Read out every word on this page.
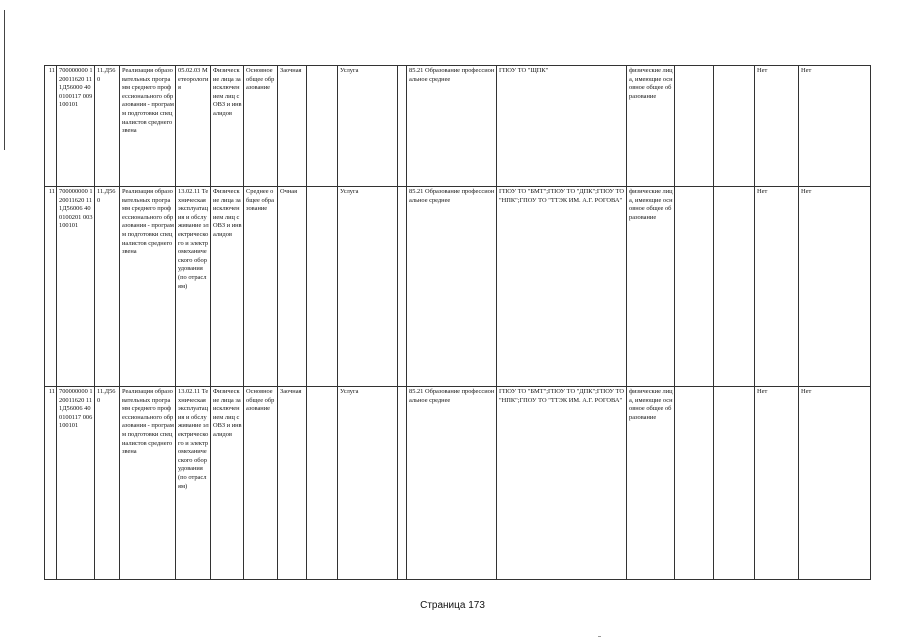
11	700000000 120011620 111Д56000 400100117 009100101	11.Д56 0	Реализация образовательных программ среднего профессионального образования - программ подготовки специалистов среднего звена	05.02.03 Метеорология	Физические лица за исключением лиц с ОВЗ и инвалидов	Основное общее образование	Заочная		Услуга		85.21 Образование профессиональное среднее	ГПОУ ТО "ЩПК"	физические лица, имеющие основное общее образование			Нет	Нет
11	700000000 120011620 111Д56006 400100201 003100101	11.Д56 0	Реализация образовательных программ среднего профессионального образования - программ подготовки специалистов среднего звена	13.02.11 Техническая эксплуатация и обслуживание электрического и электромеханического оборудования (по отраслям)	Физические лица за исключением лиц с ОВЗ и инвалидов	Среднее общее образование	Очная		Услуга		85.21 Образование профессиональное среднее	ГПОУ ТО "БМТ";ГПОУ ТО "ДПК";ГПОУ ТО "НПК";ГПОУ ТО "ТТЭК ИМ. А.Г. РОГОВА"	физические лица, имеющие основное общее образование			Нет	Нет
11	700000000 120011620 111Д56006 400100117 006100101	11.Д56 0	Реализация образовательных программ среднего профессионального образования - программ подготовки специалистов среднего звена	13.02.11 Техническая эксплуатация и обслуживание электрического и электромеханического оборудования (по отраслям)	Физические лица за исключением лиц с ОВЗ и инвалидов	Основное общее образование	Заочная		Услуга		85.21 Образование профессиональное среднее	ГПОУ ТО "БМТ";ГПОУ ТО "ДПК";ГПОУ ТО "НПК";ГПОУ ТО "ТТЭК ИМ. А.Г. РОГОВА"	физические лица, имеющие основное общее образование			Нет	Нет
Страница 173
